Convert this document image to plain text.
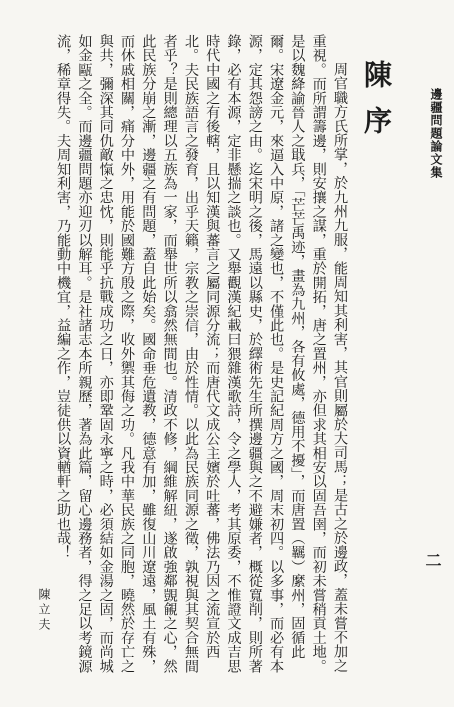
邊疆問題論文集
陳序

周官職方氏所掌，於九州九服，能周知其利害，其官則屬於大司馬；是古之於邊政，蓋未嘗不加之重視。而所謂籌邊，則安攘之謀，重於開拓，唐之置州，亦但求其相安以固吾圉，而初未嘗稍貢土地。是以魏絳諭晉人之戢兵，「芒芒禹迹，畫為九州，各有攸處，德用不擾」，而唐置（羈）縻州，固循此爾。宋遼金元，來逼入中原，諸之變也，不僅此也。是史記紀周方之國，周末初四。以多事，而必有本源，定其怨謗之由。迄宋明之後，馬遠以縣史，於繹術先生所撰邊疆與之不避嫌者，概從寬削，則所著錄，必有本源，定非懸揣之談也。又舉觀漢紀載曰猥雜漢歌詩，令之學人，考其原委，不惟證文成吉思時代中國之有後轄，且以知漢與蕃言之屬同源分流；而唐代文成公主嬪於吐蕃，佛法乃因之流宣於西北。夫民族語言之發育，出乎天籟，宗教之崇信，由於性情。以此為民族同源之徵，孰視與其契合無間者乎？是則總理以五族為一家，而舉世所以翕然無間也。清政不修，綱維解紐，遂啟強鄰覬覦之心，然此民族分崩之漸，邊疆之有問題，蓋自此始矣。國命垂危遺教，德意有加，雖復山川遼遠，風土有殊，而休戚相關，痛分中外，用能於國難方殷之際，收外禦其侮之功。凡我中華民族之同胞，曉然於存亡之與共，彌深其同仇敵愾之忠忱，則能乎抗戰成功之日，亦即鞏固永寧之時，必須結如金湯之固，而尚城如金甌之全。而邊疆問題亦迎刃以解耳。是社諸志本所親歷，著為此篇，留心邊務者，得之足以考鏡源流，稀章得失。夫周知利害，乃能動中機宜，益編之作，豈徒供以資輶軒之助也哉！

二
陳立夫
